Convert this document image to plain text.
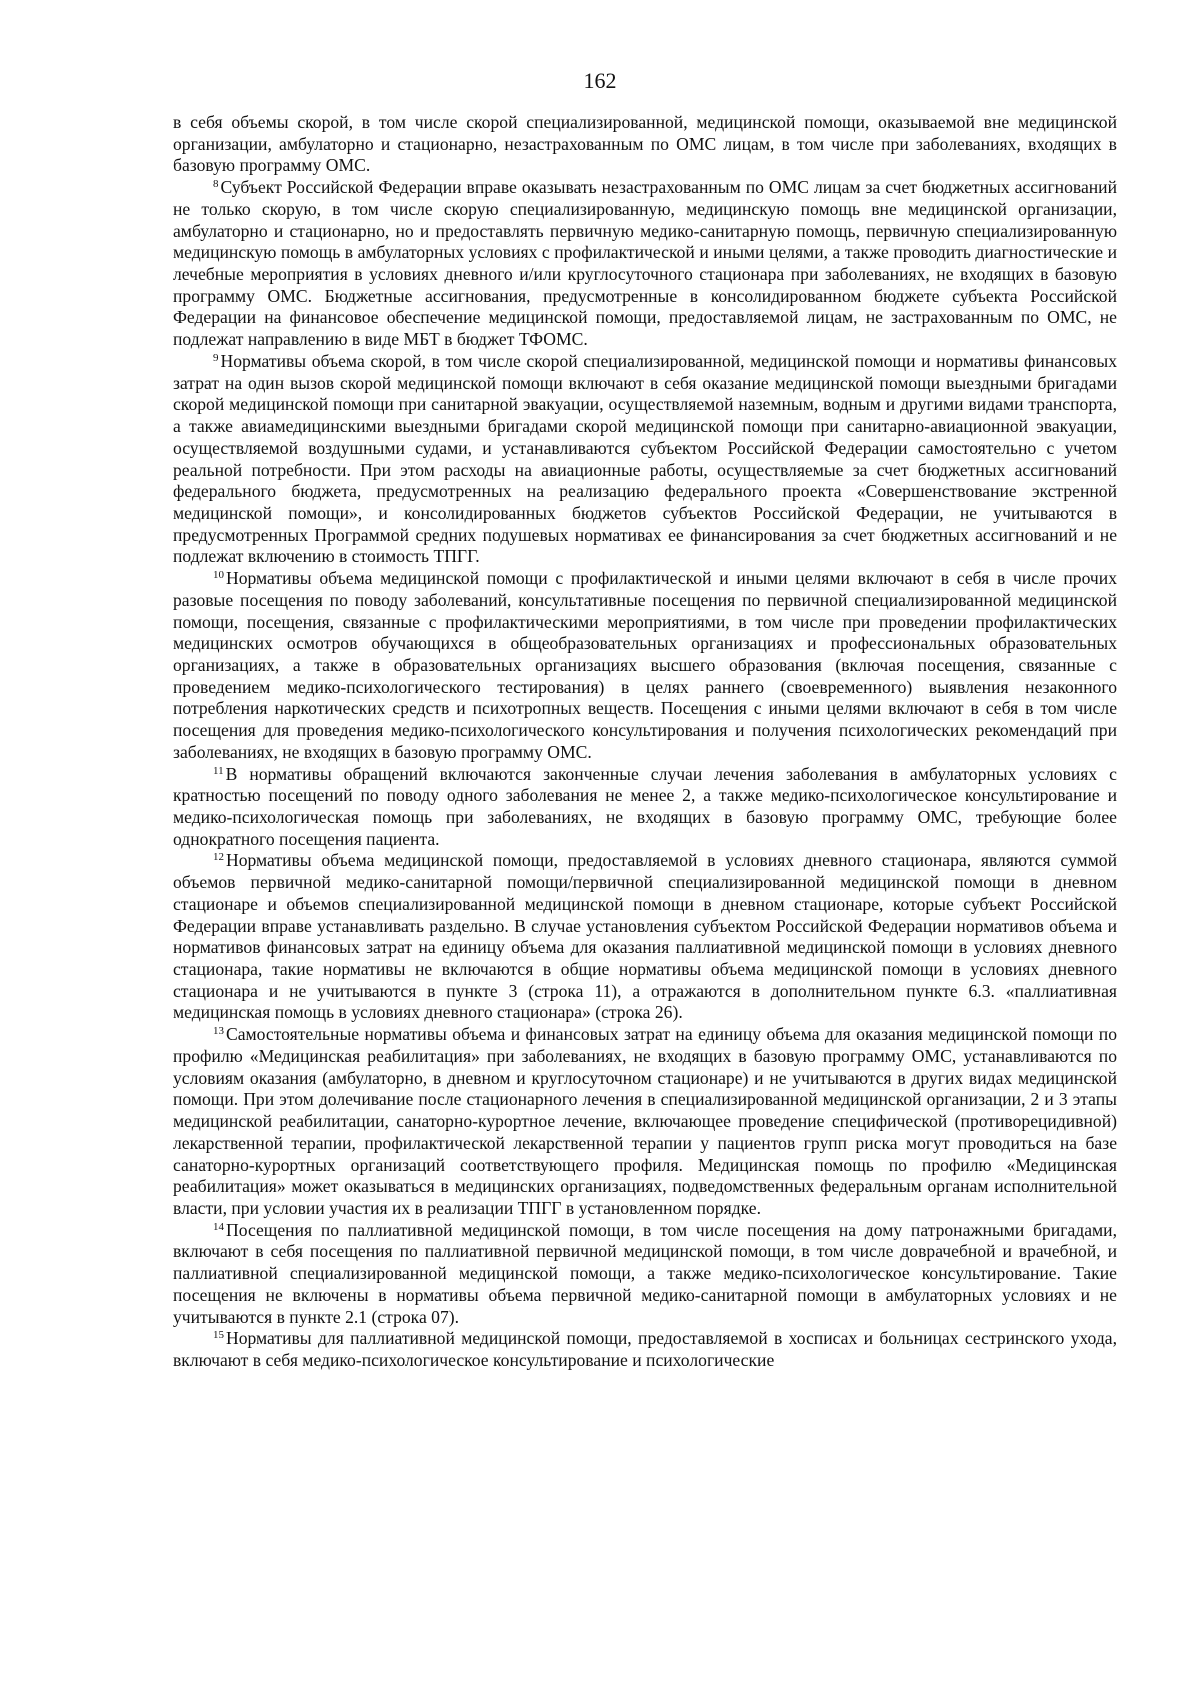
162

в себя объемы скорой, в том числе скорой специализированной, медицинской помощи, оказываемой вне медицинской организации, амбулаторно и стационарно, незастрахованным по ОМС лицам, в том числе при заболеваниях, входящих в базовую программу ОМС.

$^8$ Субъект Российской Федерации вправе оказывать незастрахованным по ОМС лицам за счет бюджетных ассигнований не только скорую, в том числе скорую специализированную, медицинскую помощь вне медицинской организации, амбулаторно и стационарно, но и предоставлять первичную медико-санитарную помощь, первичную специализированную медицинскую помощь в амбулаторных условиях с профилактической и иными целями, а также проводить диагностические и лечебные мероприятия в условиях дневного и/или круглосуточного стационара при заболеваниях, не входящих в базовую программу ОМС. Бюджетные ассигнования, предусмотренные в консолидированном бюджете субъекта Российской Федерации на финансовое обеспечение медицинской помощи, предоставляемой лицам, не застрахованным по ОМС, не подлежат направлению в виде МБТ в бюджет ТФОМС.

$^9$ Нормативы объема скорой, в том числе скорой специализированной, медицинской помощи и нормативы финансовых затрат на один вызов скорой медицинской помощи включают в себя оказание медицинской помощи выездными бригадами скорой медицинской помощи при санитарной эвакуации, осуществляемой наземным, водным и другими видами транспорта, а также авиамедицинскими выездными бригадами скорой медицинской помощи при санитарно-авиационной эвакуации, осуществляемой воздушными судами, и устанавливаются субъектом Российской Федерации самостоятельно с учетом реальной потребности. При этом расходы на авиационные работы, осуществляемые за счет бюджетных ассигнований федерального бюджета, предусмотренных на реализацию федерального проекта «Совершенствование экстренной медицинской помощи», и консолидированных бюджетов субъектов Российской Федерации, не учитываются в предусмотренных Программой средних подушевых нормативах ее финансирования за счет бюджетных ассигнований и не подлежат включению в стоимость ТПГГ.

$^{10}$ Нормативы объема медицинской помощи с профилактической и иными целями включают в себя в числе прочих разовые посещения по поводу заболеваний, консультативные посещения по первичной специализированной медицинской помощи, посещения, связанные с профилактическими мероприятиями, в том числе при проведении профилактических медицинских осмотров обучающихся в общеобразовательных организациях и профессиональных образовательных организациях, а также в образовательных организациях высшего образования (включая посещения, связанные с проведением медико-психологического тестирования) в целях раннего (своевременного) выявления незаконного потребления наркотических средств и психотропных веществ. Посещения с иными целями включают в себя в том числе посещения для проведения медико-психологического консультирования и получения психологических рекомендаций при заболеваниях, не входящих в базовую программу ОМС.

$^{11}$ В нормативы обращений включаются законченные случаи лечения заболевания в амбулаторных условиях с кратностью посещений по поводу одного заболевания не менее 2, а также медико-психологическое консультирование и медико-психологическая помощь при заболеваниях, не входящих в базовую программу ОМС, требующие более однократного посещения пациента.

$^{12}$ Нормативы объема медицинской помощи, предоставляемой в условиях дневного стационара, являются суммой объемов первичной медико-санитарной помощи/первичной специализированной медицинской помощи в дневном стационаре и объемов специализированной медицинской помощи в дневном стационаре, которые субъект Российской Федерации вправе устанавливать раздельно. В случае установления субъектом Российской Федерации нормативов объема и нормативов финансовых затрат на единицу объема для оказания паллиативной медицинской помощи в условиях дневного стационара, такие нормативы не включаются в общие нормативы объема медицинской помощи в условиях дневного стационара и не учитываются в пункте 3 (строка 11), а отражаются в дополнительном пункте 6.3. «паллиативная медицинская помощь в условиях дневного стационара» (строка 26).

$^{13}$ Самостоятельные нормативы объема и финансовых затрат на единицу объема для оказания медицинской помощи по профилю «Медицинская реабилитация» при заболеваниях, не входящих в базовую программу ОМС, устанавливаются по условиям оказания (амбулаторно, в дневном и круглосуточном стационаре) и не учитываются в других видах медицинской помощи. При этом долечивание после стационарного лечения в специализированной медицинской организации, 2 и 3 этапы медицинской реабилитации, санаторно-курортное лечение, включающее проведение специфической (противорецидивной) лекарственной терапии, профилактической лекарственной терапии у пациентов групп риска могут проводиться на базе санаторно-курортных организаций соответствующего профиля. Медицинская помощь по профилю «Медицинская реабилитация» может оказываться в медицинских организациях, подведомственных федеральным органам исполнительной власти, при условии участия их в реализации ТПГГ в установленном порядке.

$^{14}$ Посещения по паллиативной медицинской помощи, в том числе посещения на дому патронажными бригадами, включают в себя посещения по паллиативной первичной медицинской помощи, в том числе доврачебной и врачебной, и паллиативной специализированной медицинской помощи, а также медико-психологическое консультирование. Такие посещения не включены в нормативы объема первичной медико-санитарной помощи в амбулаторных условиях и не учитываются в пункте 2.1 (строка 07).

$^{15}$ Нормативы для паллиативной медицинской помощи, предоставляемой в хосписах и больницах сестринского ухода, включают в себя медико-психологическое консультирование и психологические
